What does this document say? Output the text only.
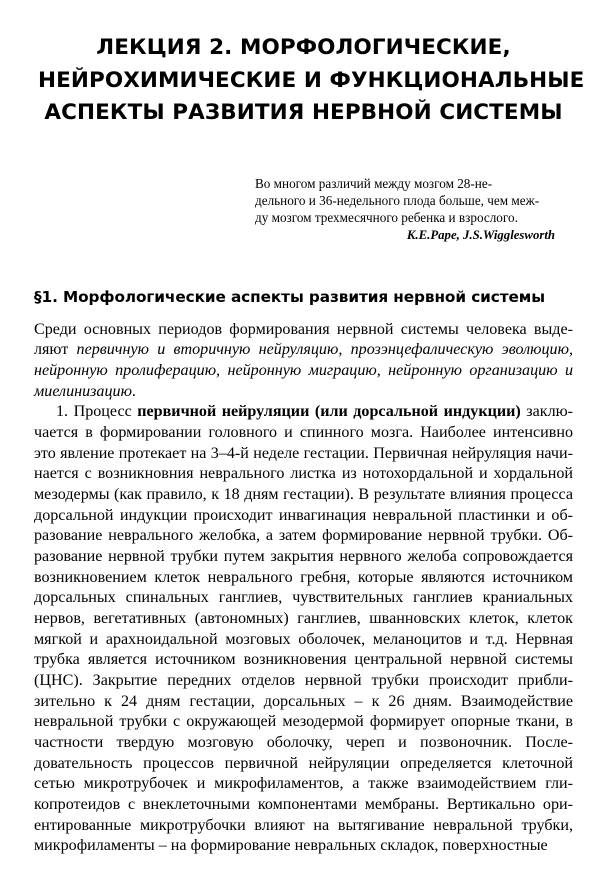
ЛЕКЦИЯ 2. МОРФОЛОГИЧЕСКИЕ,
НЕЙРОХИМИЧЕСКИЕ И ФУНКЦИОНАЛЬНЫЕ
АСПЕКТЫ РАЗВИТИЯ НЕРВНОЙ СИСТЕМЫ
Во многом различий между мозгом 28-не-
дельного и 36-недельного плода больше, чем меж-
ду мозгом трехмесячного ребенка и взрослого.
K.E.Pape, J.S.Wigglesworth
§1. Морфологические аспекты развития нервной системы

Среди основных периодов формирования нервной системы человека выде-ляют первичную и вторичную нейруляцию, прозэнцефалическую эволюцию, нейронную пролиферацию, нейронную миграцию, нейронную организацию и миелинизацию.

1. Процесс первичной нейруляции (или дорсальной индукции) заклю-чается в формировании головного и спинного мозга. Наиболее интенсивно это явление протекает на 3–4-й неделе гестации. Первичная нейруляция начи-нается с возникновния неврального листка из нотохордальной и хордальной мезодермы (как правило, к 18 дням гестации). В результате влияния процесса дорсальной индукции происходит инвагинация невральной пластинки и об-разование неврального желобка, а затем формирование нервной трубки. Об-разование нервной трубки путем закрытия нервного желоба сопровождается возникновением клеток неврального гребня, которые являются источником дорсальных спинальных ганглиев, чувствительных ганглиев краниальных нервов, вегетативных (автономных) ганглиев, шванновских клеток, клеток мягкой и арахноидальной мозговых оболочек, меланоцитов и т.д. Нервная трубка является источником возникновения центральной нервной системы (ЦНС). Закрытие передних отделов нервной трубки происходит прибли-зительно к 24 дням гестации, дорсальных – к 26 дням. Взаимодействие невральной трубки с окружающей мезодермой формирует опорные ткани, в частности твердую мозговую оболочку, череп и позвоночник. После-довательность процессов первичной нейруляции определяется клеточной сетью микротрубочек и микрофиламентов, а также взаимодействием гли-копротеидов с внеклеточными компонентами мембраны. Вертикально ори-ентированные микротрубочки влияют на вытягивание невральной трубки, микрофиламенты – на формирование невральных складок, поверхностные
